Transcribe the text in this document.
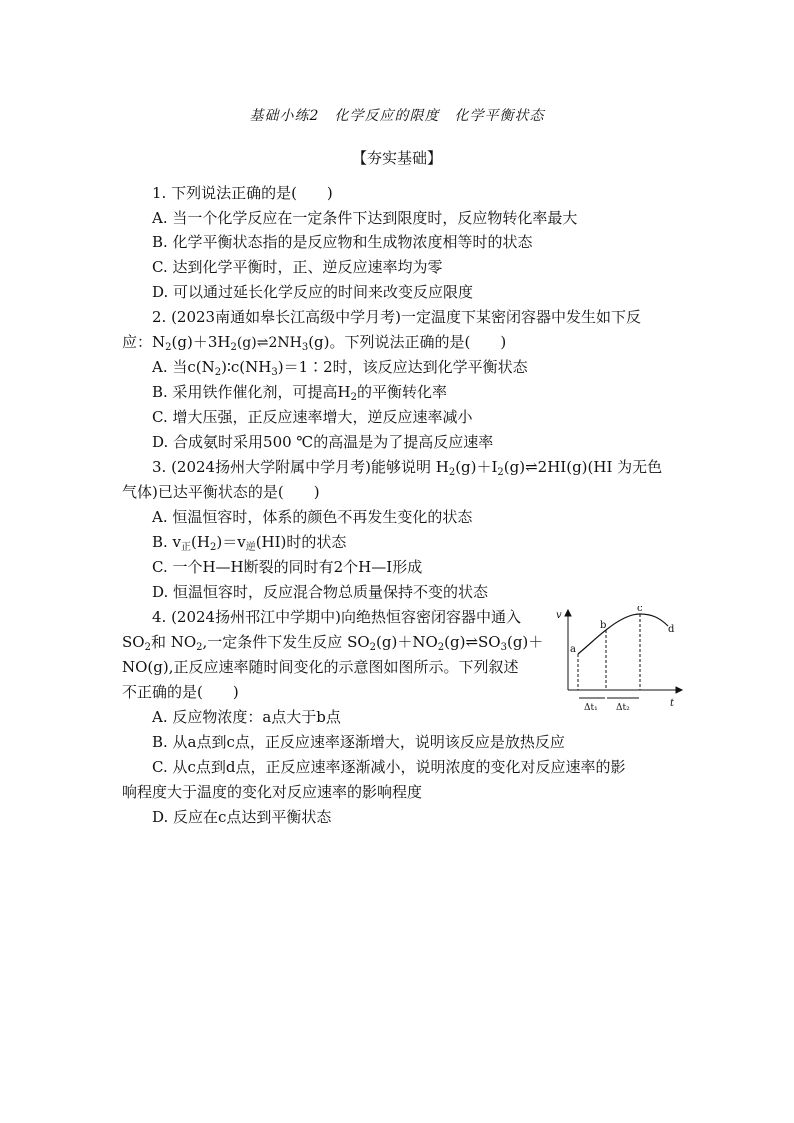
基础小练2　化学反应的限度　化学平衡状态
【夯实基础】
1. 下列说法正确的是(　　)
A. 当一个化学反应在一定条件下达到限度时，反应物转化率最大
B. 化学平衡状态指的是反应物和生成物浓度相等时的状态
C. 达到化学平衡时，正、逆反应速率均为零
D. 可以通过延长化学反应的时间来改变反应限度
2. (2023南通如皋长江高级中学月考)一定温度下某密闭容器中发生如下反
应：$N_2(g)+3H_2(g)\rightleftharpoons 2NH_3(g)$。下列说法正确的是(　　)
A. 当$c(N_2)∶c(NH_3)=1∶2$时，该反应达到化学平衡状态
B. 采用铁作催化剂，可提高$H_2$的平衡转化率
C. 增大压强，正反应速率增大，逆反应速率减小
D. 合成氨时采用500 ℃的高温是为了提高反应速率
3. (2024扬州大学附属中学月考)能够说明 $H_2(g)+I_2(g)\rightleftharpoons 2HI(g)(HI$ 为无色
气体)已达平衡状态的是(　　)
A. 恒温恒容时，体系的颜色不再发生变化的状态
B. $v_正(H_2)=v_逆(HI)$时的状态
C. 一个H—H断裂的同时有2个H—I形成
D. 恒温恒容时，反应混合物总质量保持不变的状态
4. (2024扬州邗江中学期中)向绝热恒容密闭容器中通入
$SO_2$和 $NO_2$,一定条件下发生反应 $SO_2(g)+NO_2(g)\rightleftharpoons SO_3(g)+$
NO(g),正反应速率随时间变化的示意图如图所示。下列叙述
不正确的是(　　)
A. 反应物浓度：a点大于b点
B. 从a点到c点，正反应速率逐渐增大，说明该反应是放热反应
C. 从c点到d点，正反应速率逐渐减小，说明浓度的变化对反应速率的影
响程度大于温度的变化对反应速率的影响程度
D. 反应在c点达到平衡状态
v
t
a
b
c
d
Δt₁ Δt₂
